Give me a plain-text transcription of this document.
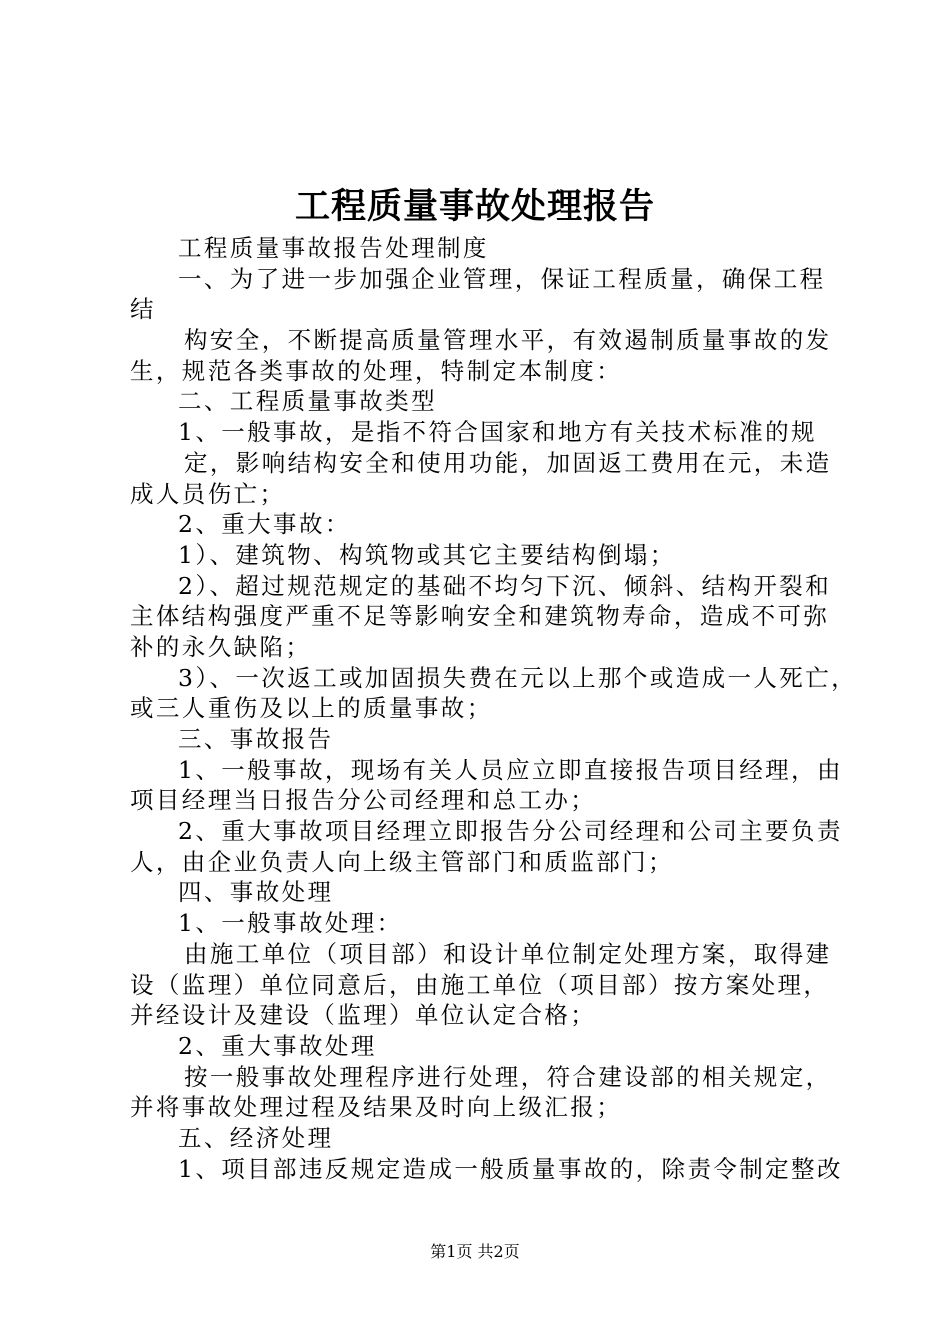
工程质量事故处理报告
工程质量事故报告处理制度
一、为了进一步加强企业管理，保证工程质量，确保工程
结
构安全，不断提高质量管理水平，有效遏制质量事故的发
生，规范各类事故的处理，特制定本制度：
二、工程质量事故类型
1、一般事故，是指不符合国家和地方有关技术标准的规
定，影响结构安全和使用功能，加固返工费用在元，未造
成人员伤亡；
2、重大事故：
1）、建筑物、构筑物或其它主要结构倒塌；
2）、超过规范规定的基础不均匀下沉、倾斜、结构开裂和
主体结构强度严重不足等影响安全和建筑物寿命，造成不可弥
补的永久缺陷；
3）、一次返工或加固损失费在元以上那个或造成一人死亡，
或三人重伤及以上的质量事故；
三、事故报告
1、一般事故，现场有关人员应立即直接报告项目经理，由
项目经理当日报告分公司经理和总工办；
2、重大事故项目经理立即报告分公司经理和公司主要负责
人，由企业负责人向上级主管部门和质监部门；
四、事故处理
1、一般事故处理：
由施工单位（项目部）和设计单位制定处理方案，取得建
设（监理）单位同意后，由施工单位（项目部）按方案处理，
并经设计及建设（监理）单位认定合格；
2、重大事故处理
按一般事故处理程序进行处理，符合建设部的相关规定，
并将事故处理过程及结果及时向上级汇报；
五、经济处理
1、项目部违反规定造成一般质量事故的，除责令制定整改
第1页 共2页
